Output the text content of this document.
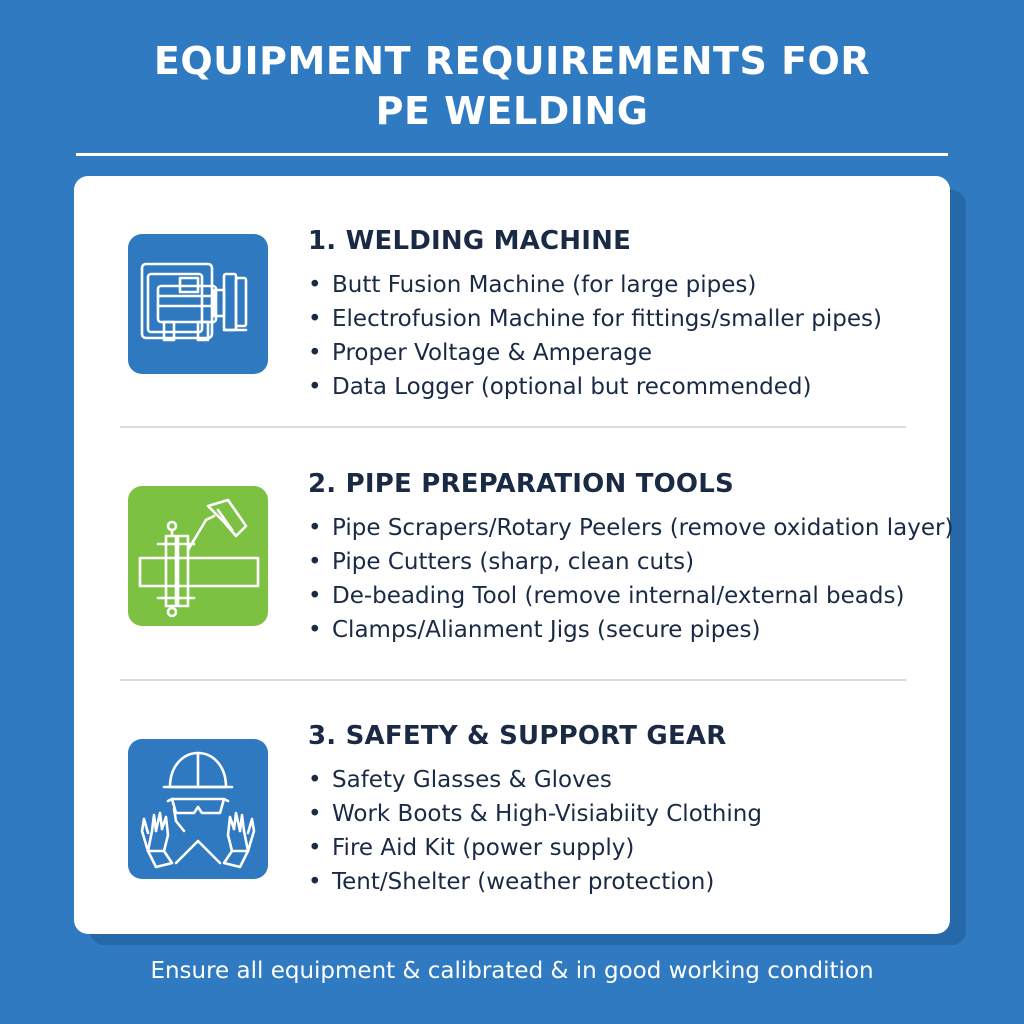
EQUIPMENT REQUIREMENTS FOR
PE WELDING
1. WELDING MACHINE
• Butt Fusion Machine (for large pipes)
• Electrofusion Machine for fittings/smaller pipes)
• Proper Voltage & Amperage
• Data Logger (optional but recommended)
2. PIPE PREPARATION TOOLS
• Pipe Scrapers/Rotary Peelers (remove oxidation layer)
• Pipe Cutters (sharp, clean cuts)
• De-beading Tool (remove internal/external beads)
• Clamps/Alianment Jigs (secure pipes)
3. SAFETY & SUPPORT GEAR
• Safety Glasses & Gloves
• Work Boots & High-Visiabiity Clothing
• Fire Aid Kit (power supply)
• Tent/Shelter (weather protection)
Ensure all equipment & calibrated & in good working condition
